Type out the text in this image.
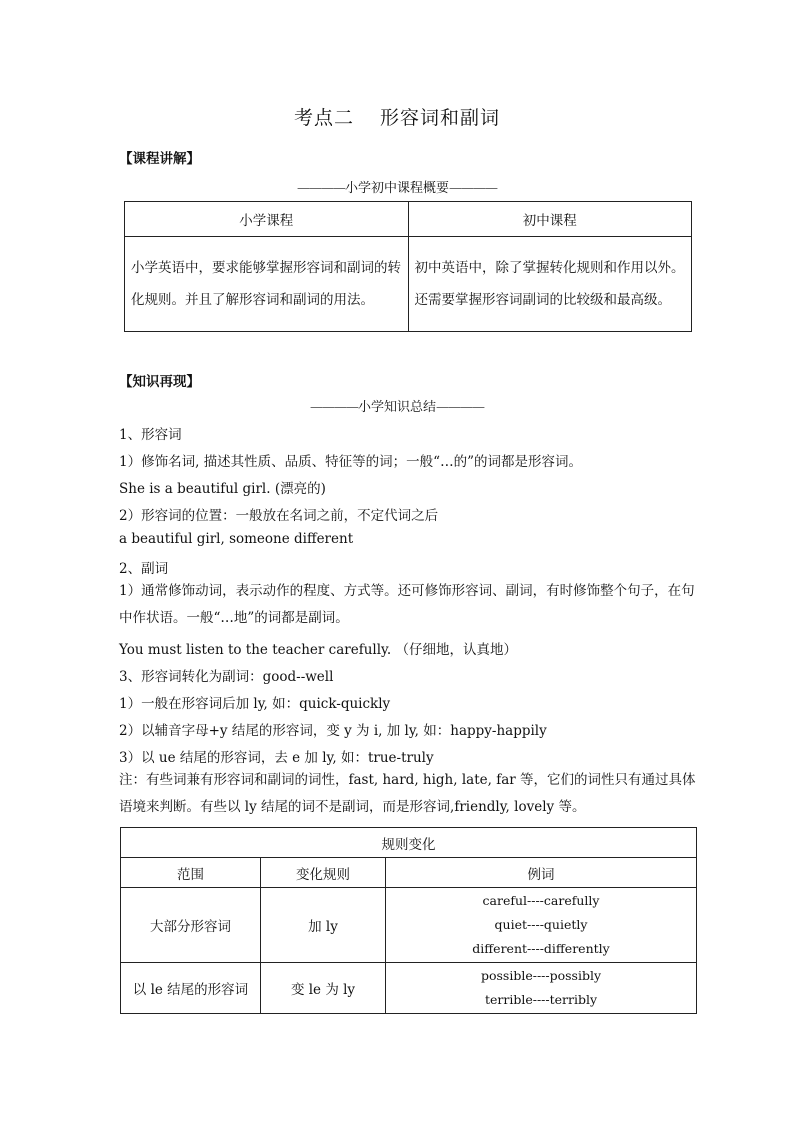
考点二 形容词和副词
【课程讲解】
————小学初中课程概要————
小学课程	初中课程
小学英语中，要求能够掌握形容词和副词的转化规则。并且了解形容词和副词的用法。	初中英语中，除了掌握转化规则和作用以外。还需要掌握形容词副词的比较级和最高级。
【知识再现】
————小学知识总结————
1、形容词
1）修饰名词, 描述其性质、品质、特征等的词；一般“…的”的词都是形容词。
She is a beautiful girl. (漂亮的)
2）形容词的位置：一般放在名词之前，不定代词之后
a beautiful girl, someone different
2、副词
1）通常修饰动词，表示动作的程度、方式等。还可修饰形容词、副词，有时修饰整个句子，在句中作状语。一般“…地”的词都是副词。
You must listen to the teacher carefully. （仔细地，认真地）
3、形容词转化为副词：good--well
1）一般在形容词后加 ly, 如：quick-quickly
2）以辅音字母+y 结尾的形容词，变 y 为 i, 加 ly, 如：happy-happily
3）以 ue 结尾的形容词，去 e 加 ly, 如：true-truly
注：有些词兼有形容词和副词的词性，fast, hard, high, late, far 等，它们的词性只有通过具体语境来判断。有些以 ly 结尾的词不是副词，而是形容词,friendly, lovely 等。
规则变化		
范围	变化规则	例词
大部分形容词	加 ly	careful----carefully
quiet----quietly
different----differently

以 le 结尾的形容词	变 le 为 ly	possible----possibly
terrible----terribly
